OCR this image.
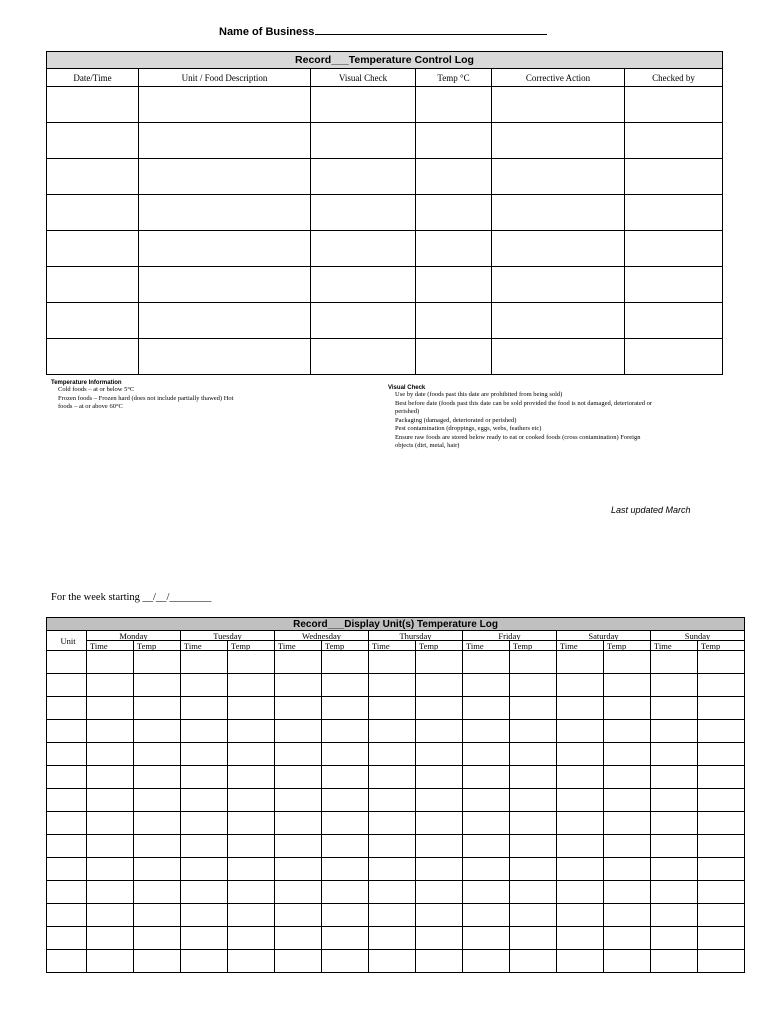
Name of Business
Record___Temperature Control Log					
Date/Time	Unit / Food Description	Visual Check	Temp °C	Corrective Action	Checked by

Temperature Information
Cold foods – at or below 5°C
Frozen foods – Frozen hard (does not include partially thawed) Hot
foods – at or above 60°C
Visual Check
Use by date (foods past this date are prohibited from being sold)
Best before date (foods past this date can be sold provided the food is not damaged, deteriorated or
perished)
Packaging (damaged, deteriorated or perished)
Pest contamination (droppings, eggs, webs, feathers etc)
Ensure raw foods are stored below ready to eat or cooked foods (cross contamination) Foreign
objects (dirt, metal, hair)
Last updated March
For the week starting __/__/________
Record___Display Unit(s) Temperature Log														
Unit	Monday		Tuesday		Wednesday		Thursday		Friday		Saturday		Sunday	
	Time	Temp	Time	Temp	Time	Temp	Time	Temp	Time	Temp	Time	Temp	Time	Temp
